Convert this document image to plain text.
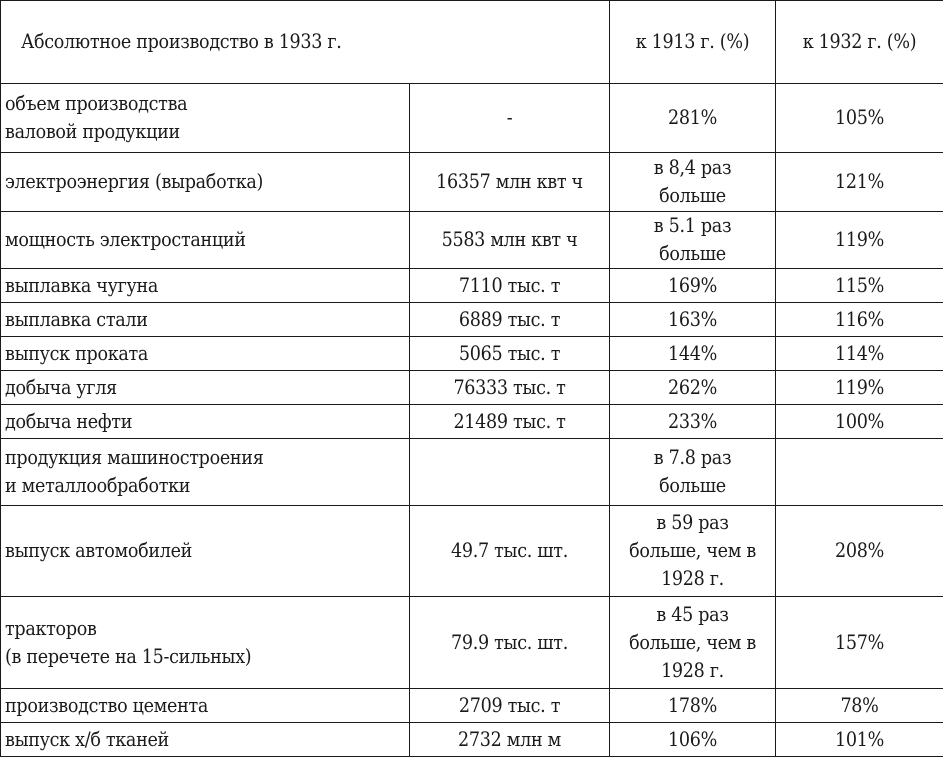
Абсолютное производство в 1933 г.		к 1913 г. (%)	к 1932 г. (%)
объем производства
валовой продукции	-	281%	105%
электроэнергия (выработка)	16357 млн квт ч	в 8,4 раз
больше	121%
мощность электростанций	5583 млн квт ч	в 5.1 раз
больше	119%
выплавка чугуна	7110 тыс. т	169%	115%
выплавка стали	6889 тыс. т	163%	116%
выпуск проката	5065 тыс. т	144%	114%
добыча угля	76333 тыс. т	262%	119%
добыча нефти	21489 тыс. т	233%	100%
продукция машиностроения
и металлообработки		в 7.8 раз
больше	
выпуск автомобилей	49.7 тыс. шт.	в 59 раз
больше, чем в
1928 г.	208%
тракторов
(в перечете на 15-сильных)	79.9 тыс. шт.	в 45 раз
больше, чем в
1928 г.	157%
производство цемента	2709 тыс. т	178%	78%
выпуск х/б тканей	2732 млн м	106%	101%
